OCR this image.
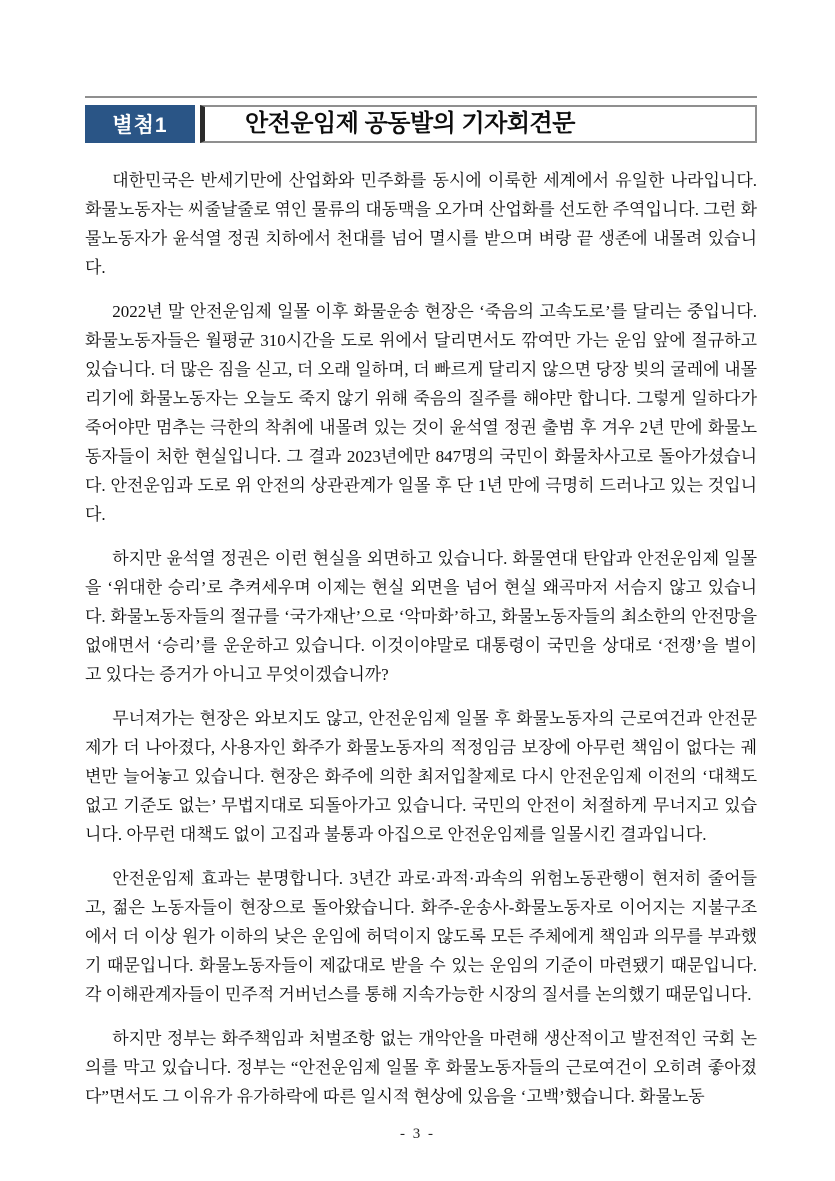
별첨1	안전운임제 공동발의 기자회견문

대한민국은 반세기만에 산업화와 민주화를 동시에 이룩한 세계에서 유일한 나라입니다. 화물노동자는 씨줄날줄로 엮인 물류의 대동맥을 오가며 산업화를 선도한 주역입니다. 그런 화물노동자가 윤석열 정권 치하에서 천대를 넘어 멸시를 받으며 벼랑 끝 생존에 내몰려 있습니다.

2022년 말 안전운임제 일몰 이후 화물운송 현장은 ‘죽음의 고속도로’를 달리는 중입니다. 화물노동자들은 월평균 310시간을 도로 위에서 달리면서도 깎여만 가는 운임 앞에 절규하고 있습니다. 더 많은 짐을 싣고, 더 오래 일하며, 더 빠르게 달리지 않으면 당장 빚의 굴레에 내몰리기에 화물노동자는 오늘도 죽지 않기 위해 죽음의 질주를 해야만 합니다. 그렇게 일하다가 죽어야만 멈추는 극한의 착취에 내몰려 있는 것이 윤석열 정권 출범 후 겨우 2년 만에 화물노동자들이 처한 현실입니다. 그 결과 2023년에만 847명의 국민이 화물차사고로 돌아가셨습니다. 안전운임과 도로 위 안전의 상관관계가 일몰 후 단 1년 만에 극명히 드러나고 있는 것입니다.

하지만 윤석열 정권은 이런 현실을 외면하고 있습니다. 화물연대 탄압과 안전운임제 일몰을 ‘위대한 승리’로 추켜세우며 이제는 현실 외면을 넘어 현실 왜곡마저 서슴지 않고 있습니다. 화물노동자들의 절규를 ‘국가재난’으로 ‘악마화’하고, 화물노동자들의 최소한의 안전망을 없애면서 ‘승리’를 운운하고 있습니다. 이것이야말로 대통령이 국민을 상대로 ‘전쟁’을 벌이고 있다는 증거가 아니고 무엇이겠습니까?

무너져가는 현장은 와보지도 않고, 안전운임제 일몰 후 화물노동자의 근로여건과 안전문제가 더 나아졌다, 사용자인 화주가 화물노동자의 적정임금 보장에 아무런 책임이 없다는 궤변만 늘어놓고 있습니다. 현장은 화주에 의한 최저입찰제로 다시 안전운임제 이전의 ‘대책도 없고 기준도 없는’ 무법지대로 되돌아가고 있습니다. 국민의 안전이 처절하게 무너지고 있습니다. 아무런 대책도 없이 고집과 불통과 아집으로 안전운임제를 일몰시킨 결과입니다.

안전운임제 효과는 분명합니다. 3년간 과로·과적·과속의 위험노동관행이 현저히 줄어들고, 젊은 노동자들이 현장으로 돌아왔습니다. 화주-운송사-화물노동자로 이어지는 지불구조에서 더 이상 원가 이하의 낮은 운임에 허덕이지 않도록 모든 주체에게 책임과 의무를 부과했기 때문입니다. 화물노동자들이 제값대로 받을 수 있는 운임의 기준이 마련됐기 때문입니다. 각 이해관계자들이 민주적 거버넌스를 통해 지속가능한 시장의 질서를 논의했기 때문입니다.

하지만 정부는 화주책임과 처벌조항 없는 개악안을 마련해 생산적이고 발전적인 국회 논의를 막고 있습니다. 정부는 “안전운임제 일몰 후 화물노동자들의 근로여건이 오히려 좋아졌다”면서도 그 이유가 유가하락에 따른 일시적 현상에 있음을 ‘고백’했습니다. 화물노동

- 3 -
